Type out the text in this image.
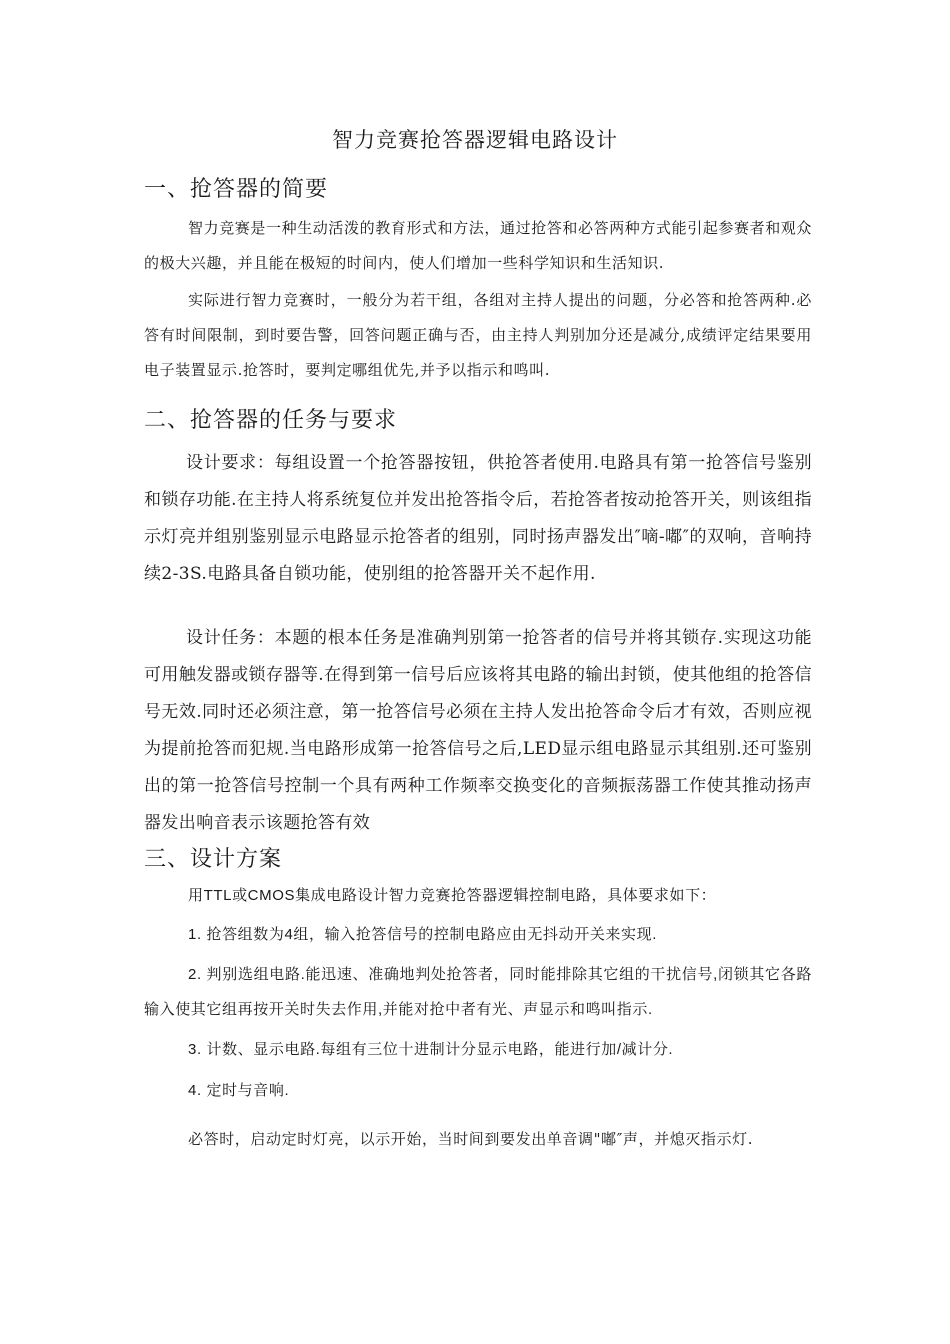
智力竞赛抢答器逻辑电路设计
一、抢答器的简要
智力竞赛是一种生动活泼的教育形式和方法，通过抢答和必答两种方式能引起参赛者和观众的极大兴趣，并且能在极短的时间内，使人们增加一些科学知识和生活知识.
实际进行智力竞赛时，一般分为若干组，各组对主持人提出的问题，分必答和抢答两种.必答有时间限制，到时要告警，回答问题正确与否，由主持人判别加分还是减分,成绩评定结果要用电子装置显示.抢答时，要判定哪组优先,并予以指示和鸣叫.
二、抢答器的任务与要求
设计要求：每组设置一个抢答器按钮，供抢答者使用.电路具有第一抢答信号鉴别和锁存功能.在主持人将系统复位并发出抢答指令后，若抢答者按动抢答开关，则该组指示灯亮并组别鉴别显示电路显示抢答者的组别，同时扬声器发出″嘀-嘟″的双响，音响持续2-3S.电路具备自锁功能，使别组的抢答器开关不起作用.
设计任务：本题的根本任务是准确判别第一抢答者的信号并将其锁存.实现这功能可用触发器或锁存器等.在得到第一信号后应该将其电路的输出封锁，使其他组的抢答信号无效.同时还必须注意，第一抢答信号必须在主持人发出抢答命令后才有效，否则应视为提前抢答而犯规.当电路形成第一抢答信号之后,LED显示组电路显示其组别.还可鉴别出的第一抢答信号控制一个具有两种工作频率交换变化的音频振荡器工作使其推动扬声器发出响音表示该题抢答有效
三、设计方案
用TTL或CMOS集成电路设计智力竞赛抢答器逻辑控制电路，具体要求如下：
1. 抢答组数为4组，输入抢答信号的控制电路应由无抖动开关来实现.
2. 判别选组电路.能迅速、准确地判处抢答者，同时能排除其它组的干扰信号,闭锁其它各路输入使其它组再按开关时失去作用,并能对抢中者有光、声显示和鸣叫指示.
3. 计数、显示电路.每组有三位十进制计分显示电路，能进行加/减计分.
4. 定时与音响.
必答时，启动定时灯亮，以示开始，当时间到要发出单音调"嘟″声，并熄灭指示灯.
